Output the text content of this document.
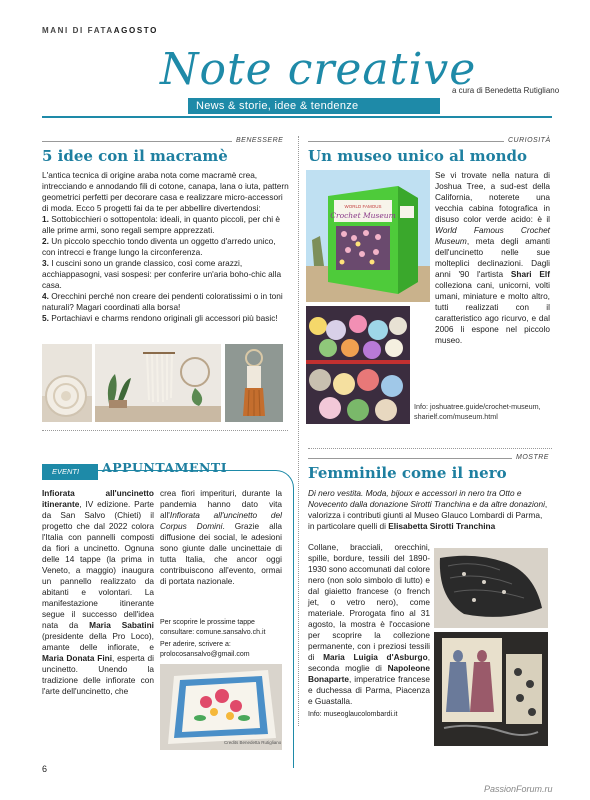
MANI DI FATAAGOSTO
Note creative
a cura di Benedetta Rutigliano
News & storie, idee & tendenze
BENESSERE
5 idee con il macramè

L'antica tecnica di origine araba nota come macramè crea, intrecciando e annodando fili di cotone, canapa, lana o iuta, pattern geometrici perfetti per decorare casa e realizzare micro-accessori di moda. Ecco 5 progetti fai da te per abbellire divertendosi:

1. Sottobicchieri o sottopentola: ideali, in quanto piccoli, per chi è alle prime armi, sono regali sempre apprezzati.

2. Un piccolo specchio tondo diventa un oggetto d'arredo unico, con intrecci e frange lungo la circonferenza.

3. I cuscini sono un grande classico, così come arazzi, acchiappasogni, vasi sospesi: per conferire un'aria boho-chic alla casa.

4. Orecchini perché non creare dei pendenti coloratissimi o in toni naturali? Magari coordinati alla borsa!

5. Portachiavi e charms rendono originali gli accessori più basic!

CURIOSITÀ
Un museo unico al mondo
WORLD FAMOUS
Crochet Museum
Se vi trovate nella natura di Joshua Tree, a sud-est della California, noterete una vecchia cabina fotografica in disuso color verde acido: è il World Famous Crochet Museum, meta degli amanti dell'uncinetto nelle sue molteplici declinazioni. Dagli anni '90 l'artista Shari Elf colleziona cani, unicorni, volti umani, miniature e molto altro, tutti realizzati con il caratteristico ago ricurvo, e dal 2006 li espone nel piccolo museo.
Info: joshuatree.guide/crochet-museum, sharielf.com/museum.html
EVENTI	APPUNTAMENTI
Infiorata all'uncinetto itinerante, IV edizione. Parte da San Salvo (Chieti) il progetto che dal 2022 colora l'Italia con pannelli composti da fiori a uncinetto. Ognuna delle 14 tappe (la prima in Veneto, a maggio) inaugura un pannello realizzato da abitanti e volontari. La manifestazione itinerante segue il successo dell'idea nata da Maria Sabatini (presidente della Pro Loco), amante delle infiorate, e Maria Donata Fini, esperta di uncinetto. Unendo la tradizione delle infiorate con l'arte dell'uncinetto, che
crea fiori imperituri, durante la pandemia hanno dato vita all'Infiorata all'uncinetto del Corpus Domini. Grazie alla diffusione dei social, le adesioni sono giunte dalle uncinettaie di tutta Italia, che ancor oggi contribuiscono all'evento, ormai di portata nazionale.

Per scoprire le prossime tappe consultare: comune.sansalvo.ch.it

Per aderire, scrivere a: prolocosansalvo@gmail.com

Credits Benedetta Rutigliano
MOSTRE
Femminile come il nero
Di nero vestita. Moda, bijoux e accessori in nero tra Otto e Novecento dalla donazione Sirotti Tranchina e da altre donazioni, valorizza i contributi giunti al Museo Glauco Lombardi di Parma, in particolare quelli di Elisabetta Sirotti Tranchina
Collane, bracciali, orecchini, spille, bordure, tessili del 1890-1930 sono accomunati dal colore nero (non solo simbolo di lutto) e dal giaietto francese (o french jet, o vetro nero), come materiale. Prorogata fino al 31 agosto, la mostra è l'occasione per scoprire la collezione permanente, con i preziosi tessili di Maria Luigia d'Asburgo, seconda moglie di Napoleone Bonaparte, imperatrice francese e duchessa di Parma, Piacenza e Guastalla.

Info: museoglaucolombardi.it

6
PassionForum.ru
